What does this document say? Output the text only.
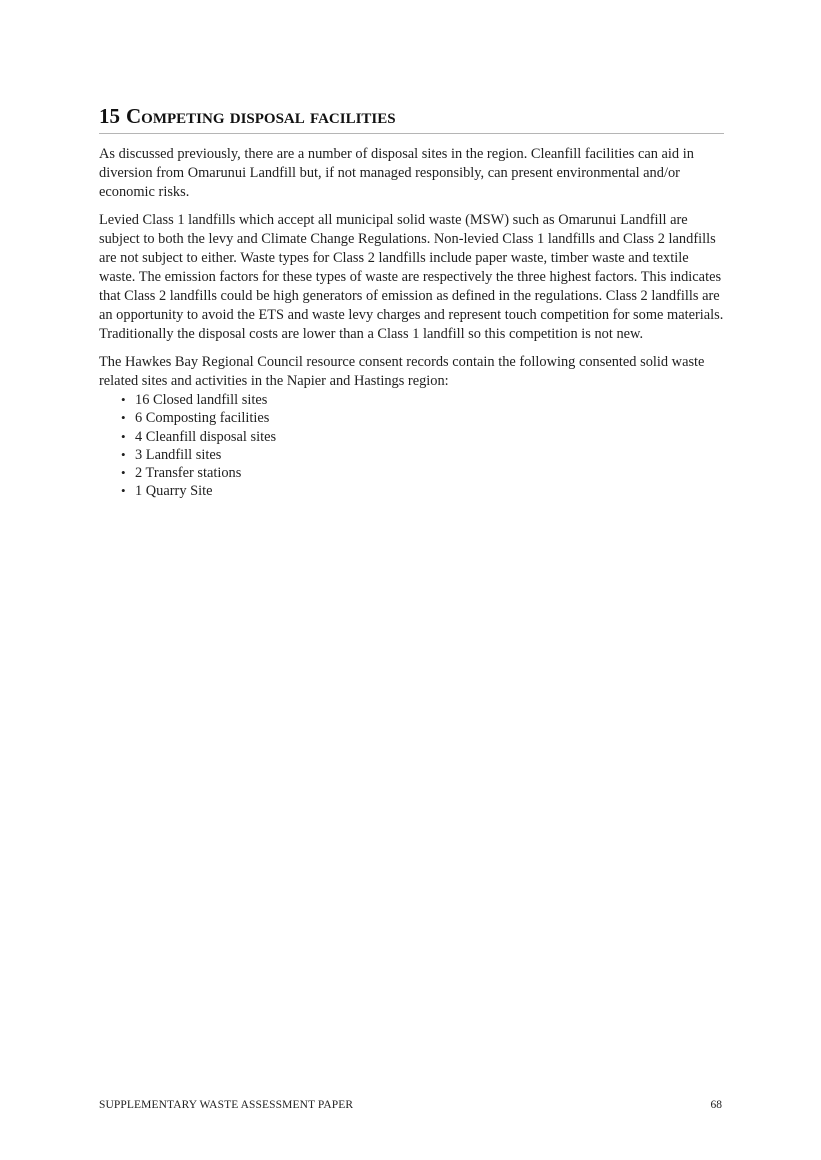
15 Competing disposal facilities

As discussed previously, there are a number of disposal sites in the region. Cleanfill facilities can aid in diversion from Omarunui Landfill but, if not managed responsibly, can present environmental and/or economic risks.

Levied Class 1 landfills which accept all municipal solid waste (MSW) such as Omarunui Landfill are subject to both the levy and Climate Change Regulations. Non-levied Class 1 landfills and Class 2 landfills are not subject to either. Waste types for Class 2 landfills include paper waste, timber waste and textile waste. The emission factors for these types of waste are respectively the three highest factors. This indicates that Class 2 landfills could be high generators of emission as defined in the regulations. Class 2 landfills are an opportunity to avoid the ETS and waste levy charges and represent touch competition for some materials. Traditionally the disposal costs are lower than a Class 1 landfill so this competition is not new.

The Hawkes Bay Regional Council resource consent records contain the following consented solid waste related sites and activities in the Napier and Hastings region:

• 16 Closed landfill sites
• 6 Composting facilities
• 4 Cleanfill disposal sites
• 3 Landfill sites
• 2 Transfer stations
• 1 Quarry Site
SUPPLEMENTARY WASTE ASSESSMENT PAPER	68
